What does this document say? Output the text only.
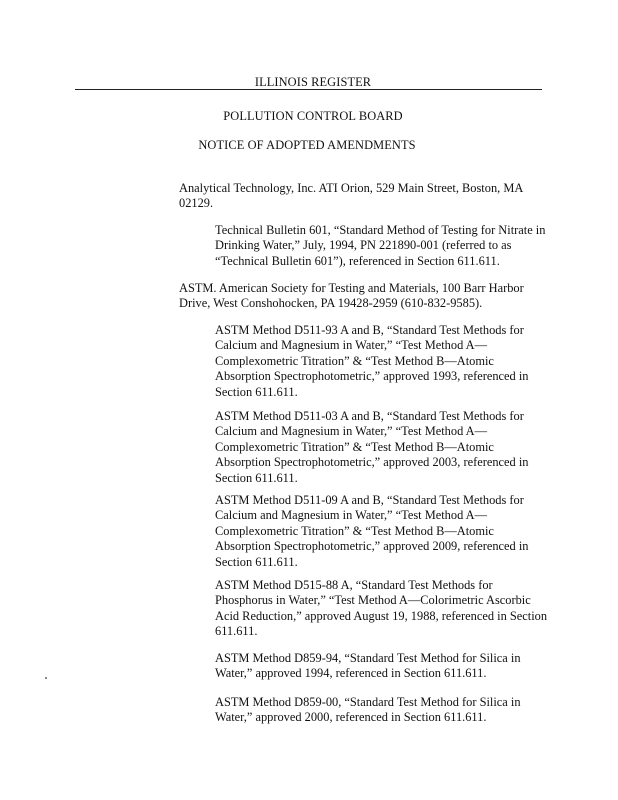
ILLINOIS REGISTER
POLLUTION CONTROL BOARD
NOTICE OF ADOPTED AMENDMENTS

Analytical Technology, Inc. ATI Orion, 529 Main Street, Boston, MA 02129.

Technical Bulletin 601, “Standard Method of Testing for Nitrate in Drinking Water,” July, 1994, PN 221890-001 (referred to as “Technical Bulletin 601”), referenced in Section 611.611.

ASTM. American Society for Testing and Materials, 100 Barr Harbor Drive, West Conshohocken, PA 19428-2959 (610-832-9585).

ASTM Method D511-93 A and B, “Standard Test Methods for Calcium and Magnesium in Water,” “Test Method A—Complexometric Titration” & “Test Method B—Atomic Absorption Spectrophotometric,” approved 1993, referenced in Section 611.611.

ASTM Method D511-03 A and B, “Standard Test Methods for Calcium and Magnesium in Water,” “Test Method A—Complexometric Titration” & “Test Method B—Atomic Absorption Spectrophotometric,” approved 2003, referenced in Section 611.611.

ASTM Method D511-09 A and B, “Standard Test Methods for Calcium and Magnesium in Water,” “Test Method A—Complexometric Titration” & “Test Method B—Atomic Absorption Spectrophotometric,” approved 2009, referenced in Section 611.611.

ASTM Method D515-88 A, “Standard Test Methods for Phosphorus in Water,” “Test Method A—Colorimetric Ascorbic Acid Reduction,” approved August 19, 1988, referenced in Section 611.611.

ASTM Method D859-94, “Standard Test Method for Silica in Water,” approved 1994, referenced in Section 611.611.

ASTM Method D859-00, “Standard Test Method for Silica in Water,” approved 2000, referenced in Section 611.611.
